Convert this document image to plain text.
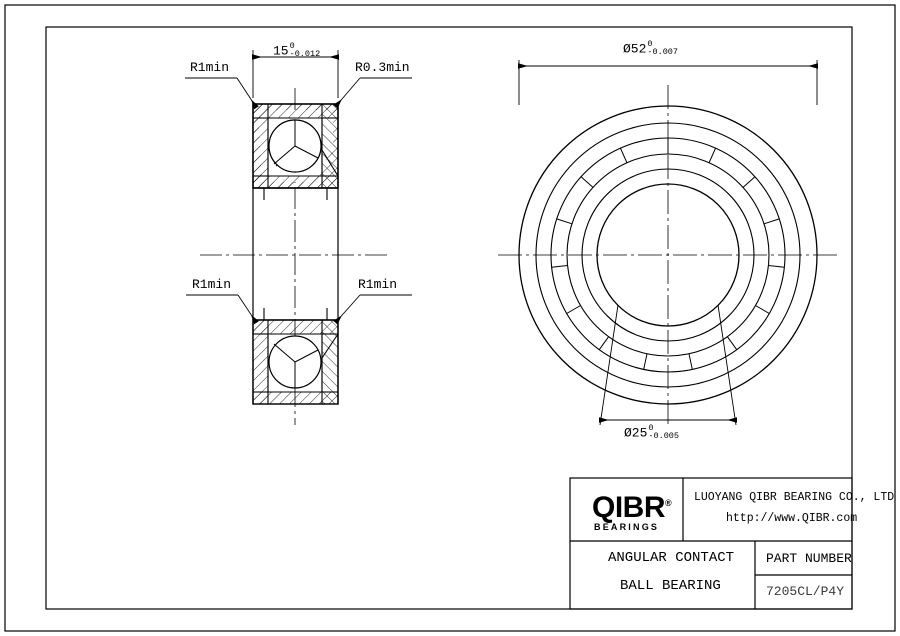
15 0
-0.012
R1min	R0.3min
R1min	R1min
Ø52 0
-0.007
Ø25 0
-0.005
QIBR®
BEARINGS
LUOYANG QIBR BEARING CO., LTD
http://www.QIBR.com
ANGULAR CONTACT
BALL BEARING
PART NUMBER
7205CL/P4Y
